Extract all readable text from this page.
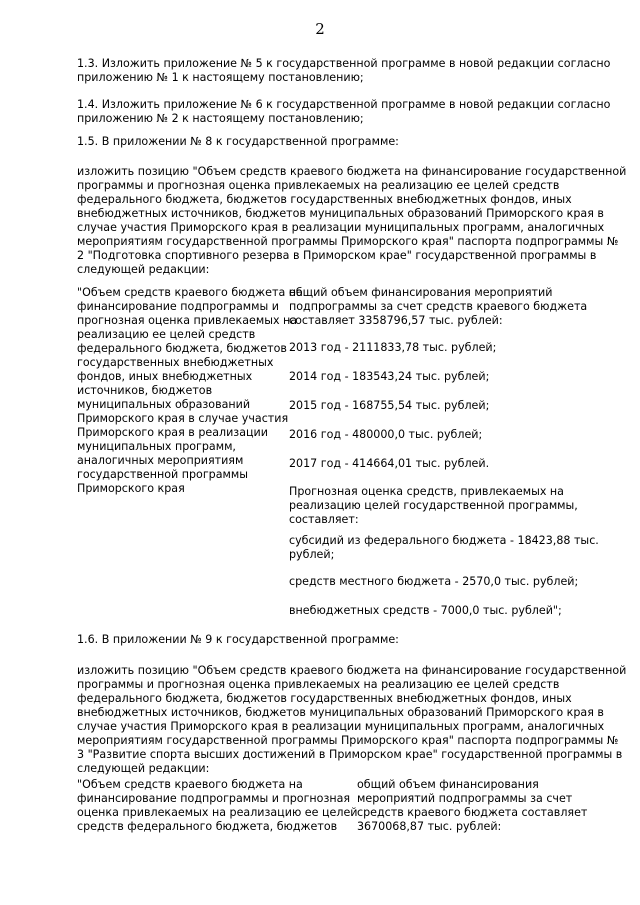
2
1.3. Изложить приложение № 5 к государственной программе в новой редакции согласно
приложению № 1 к настоящему постановлению;
1.4. Изложить приложение № 6 к государственной программе в новой редакции согласно
приложению № 2 к настоящему постановлению;
1.5. В приложении № 8 к государственной программе:
изложить позицию "Объем средств краевого бюджета на финансирование государственной
программы и прогнозная оценка привлекаемых на реализацию ее целей средств
федерального бюджета, бюджетов государственных внебюджетных фондов, иных
внебюджетных источников, бюджетов муниципальных образований Приморского края в
случае участия Приморского края в реализации муниципальных программ, аналогичных
мероприятиям государственной программы Приморского края" паспорта подпрограммы №
2 "Подготовка спортивного резерва в Приморском крае" государственной программы в
следующей редакции:
"Объем средств краевого бюджета на
финансирование подпрограммы и
прогнозная оценка привлекаемых на
реализацию ее целей средств
федерального бюджета, бюджетов
государственных внебюджетных
фондов, иных внебюджетных
источников, бюджетов
муниципальных образований
Приморского края в случае участия
Приморского края в реализации
муниципальных программ,
аналогичных мероприятиям
государственной программы
Приморского края
общий объем финансирования мероприятий
подпрограммы за счет средств краевого бюджета
составляет 3358796,57 тыс. рублей:
2013 год - 2111833,78 тыс. рублей;
2014 год - 183543,24 тыс. рублей;
2015 год - 168755,54 тыс. рублей;
2016 год - 480000,0 тыс. рублей;
2017 год - 414664,01 тыс. рублей.
Прогнозная оценка средств, привлекаемых на
реализацию целей государственной программы,
составляет:
субсидий из федерального бюджета - 18423,88 тыс.
рублей;
средств местного бюджета - 2570,0 тыс. рублей;
внебюджетных средств - 7000,0 тыс. рублей";
1.6. В приложении № 9 к государственной программе:
изложить позицию "Объем средств краевого бюджета на финансирование государственной
программы и прогнозная оценка привлекаемых на реализацию ее целей средств
федерального бюджета, бюджетов государственных внебюджетных фондов, иных
внебюджетных источников, бюджетов муниципальных образований Приморского края в
случае участия Приморского края в реализации муниципальных программ, аналогичных
мероприятиям государственной программы Приморского края" паспорта подпрограммы №
3 "Развитие спорта высших достижений в Приморском крае" государственной программы в
следующей редакции:
"Объем средств краевого бюджета на
финансирование подпрограммы и прогнозная
оценка привлекаемых на реализацию ее целей
средств федерального бюджета, бюджетов
общий объем финансирования
мероприятий подпрограммы за счет
средств краевого бюджета составляет
3670068,87 тыс. рублей:
